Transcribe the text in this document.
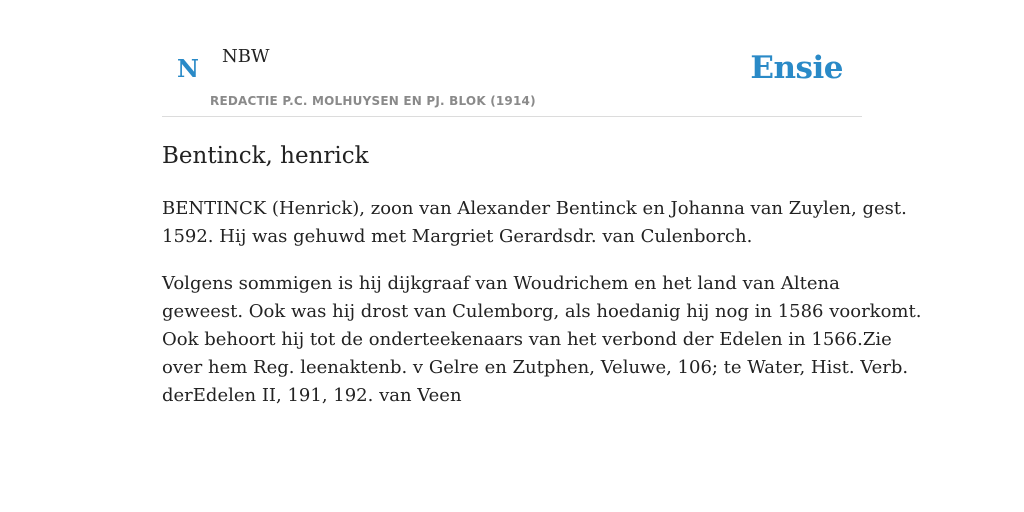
N NBW
REDACTIE P.C. MOLHUYSEN EN PJ. BLOK (1914)
Ensie
Bentinck, henrick

BENTINCK (Henrick), zoon van Alexander Bentinck en Johanna van Zuylen, gest.
1592. Hij was gehuwd met Margriet Gerardsdr. van Culenborch.

Volgens sommigen is hij dijkgraaf van Woudrichem en het land van Altena
geweest. Ook was hij drost van Culemborg, als hoedanig hij nog in 1586 voorkomt.
Ook behoort hij tot de onderteekenaars van het verbond der Edelen in 1566.Zie
over hem Reg. leenaktenb. v Gelre en Zutphen, Veluwe, 106; te Water, Hist. Verb.
derEdelen II, 191, 192. van Veen
